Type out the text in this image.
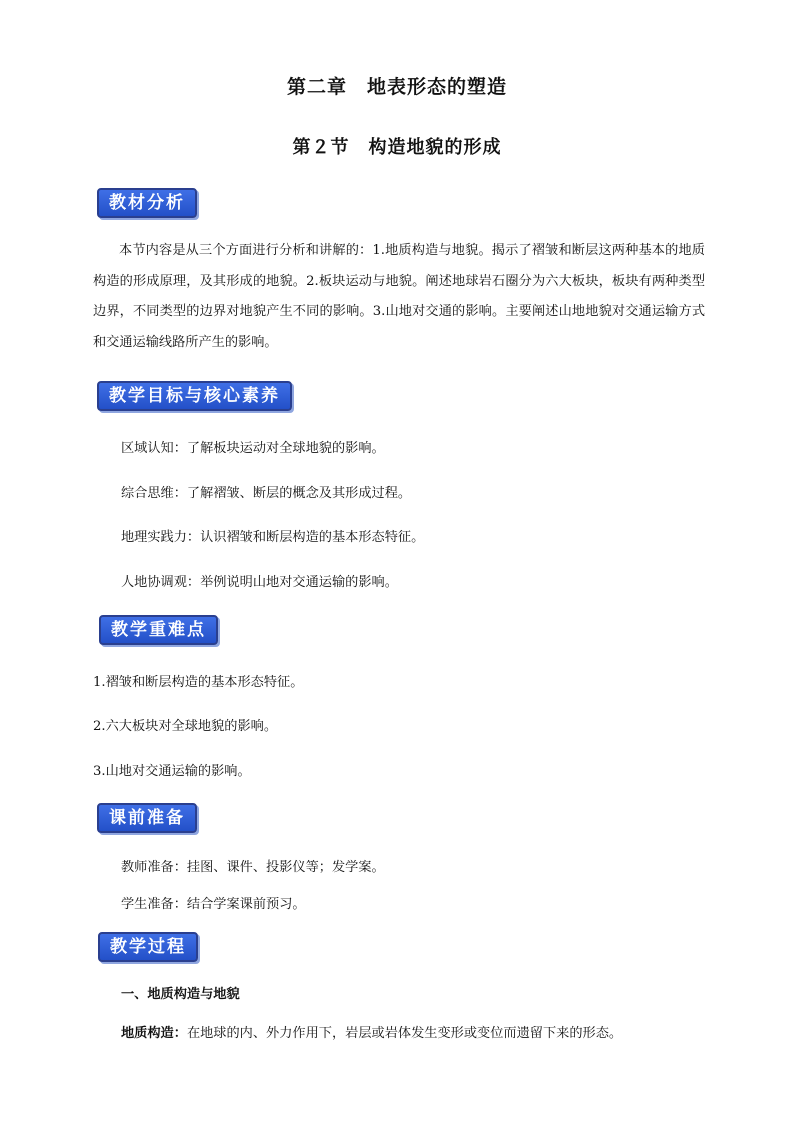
第二章　地表形态的塑造
第２节　构造地貌的形成
教材分析
本节内容是从三个方面进行分析和讲解的：1.地质构造与地貌。揭示了褶皱和断层这两种基本的地质构造的形成原理，及其形成的地貌。2.板块运动与地貌。阐述地球岩石圈分为六大板块，板块有两种类型边界，不同类型的边界对地貌产生不同的影响。3.山地对交通的影响。主要阐述山地地貌对交通运输方式和交通运输线路所产生的影响。
教学目标与核心素养
区域认知：了解板块运动对全球地貌的影响。
综合思维：了解褶皱、断层的概念及其形成过程。
地理实践力：认识褶皱和断层构造的基本形态特征。
人地协调观：举例说明山地对交通运输的影响。
教学重难点
1.褶皱和断层构造的基本形态特征。
2.六大板块对全球地貌的影响。
3.山地对交通运输的影响。
课前准备
教师准备：挂图、课件、投影仪等；发学案。
学生准备：结合学案课前预习。
教学过程
一、地质构造与地貌
地质构造：在地球的内、外力作用下，岩层或岩体发生变形或变位而遗留下来的形态。
